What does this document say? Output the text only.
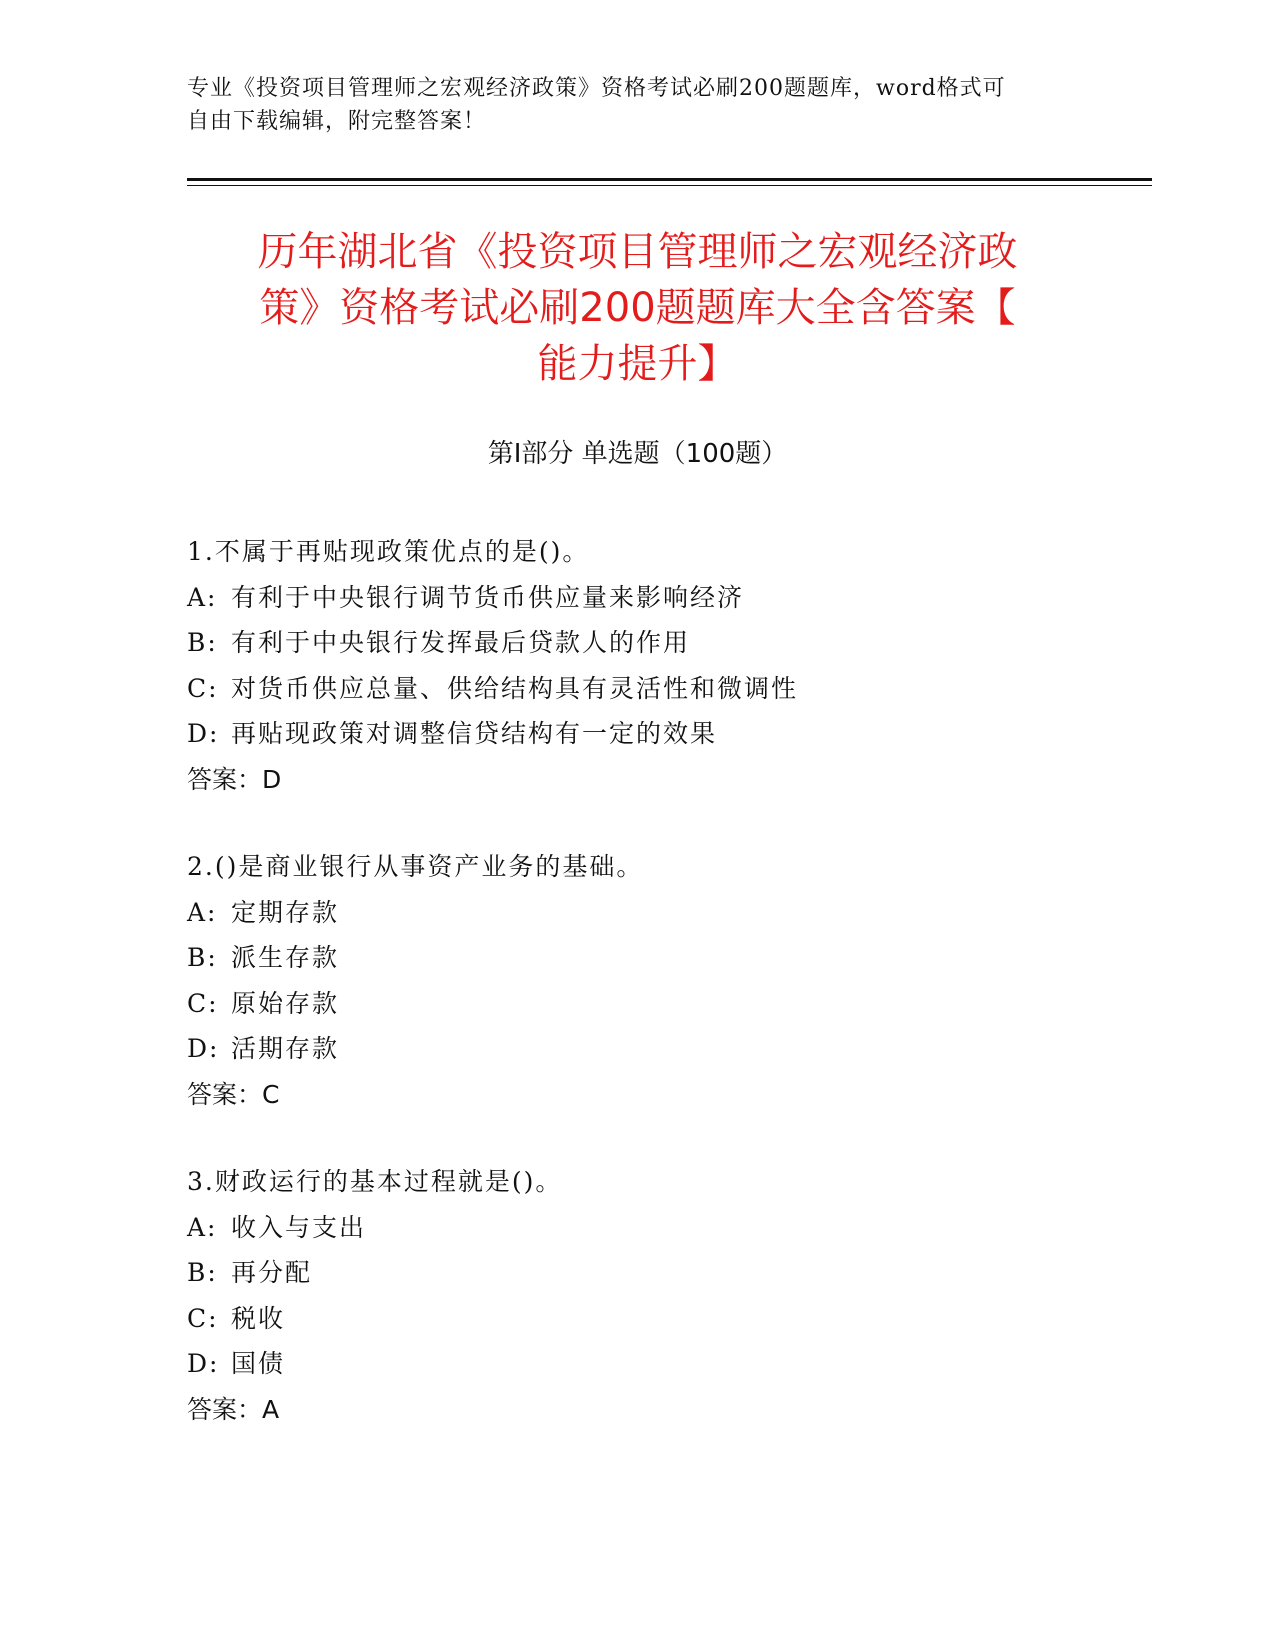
专业《投资项目管理师之宏观经济政策》资格考试必刷200题题库，word格式可
自由下载编辑，附完整答案！
历年湖北省《投资项目管理师之宏观经济政
策》资格考试必刷200题题库大全含答案【
能力提升】
第Ⅰ部分 单选题（100题）
1.不属于再贴现政策优点的是()。
A: 有利于中央银行调节货币供应量来影响经济
B: 有利于中央银行发挥最后贷款人的作用
C: 对货币供应总量、供给结构具有灵活性和微调性
D: 再贴现政策对调整信贷结构有一定的效果
答案：D
2.()是商业银行从事资产业务的基础。
A: 定期存款
B: 派生存款
C: 原始存款
D: 活期存款
答案：C
3.财政运行的基本过程就是()。
A: 收入与支出
B: 再分配
C: 税收
D: 国债
答案：A
